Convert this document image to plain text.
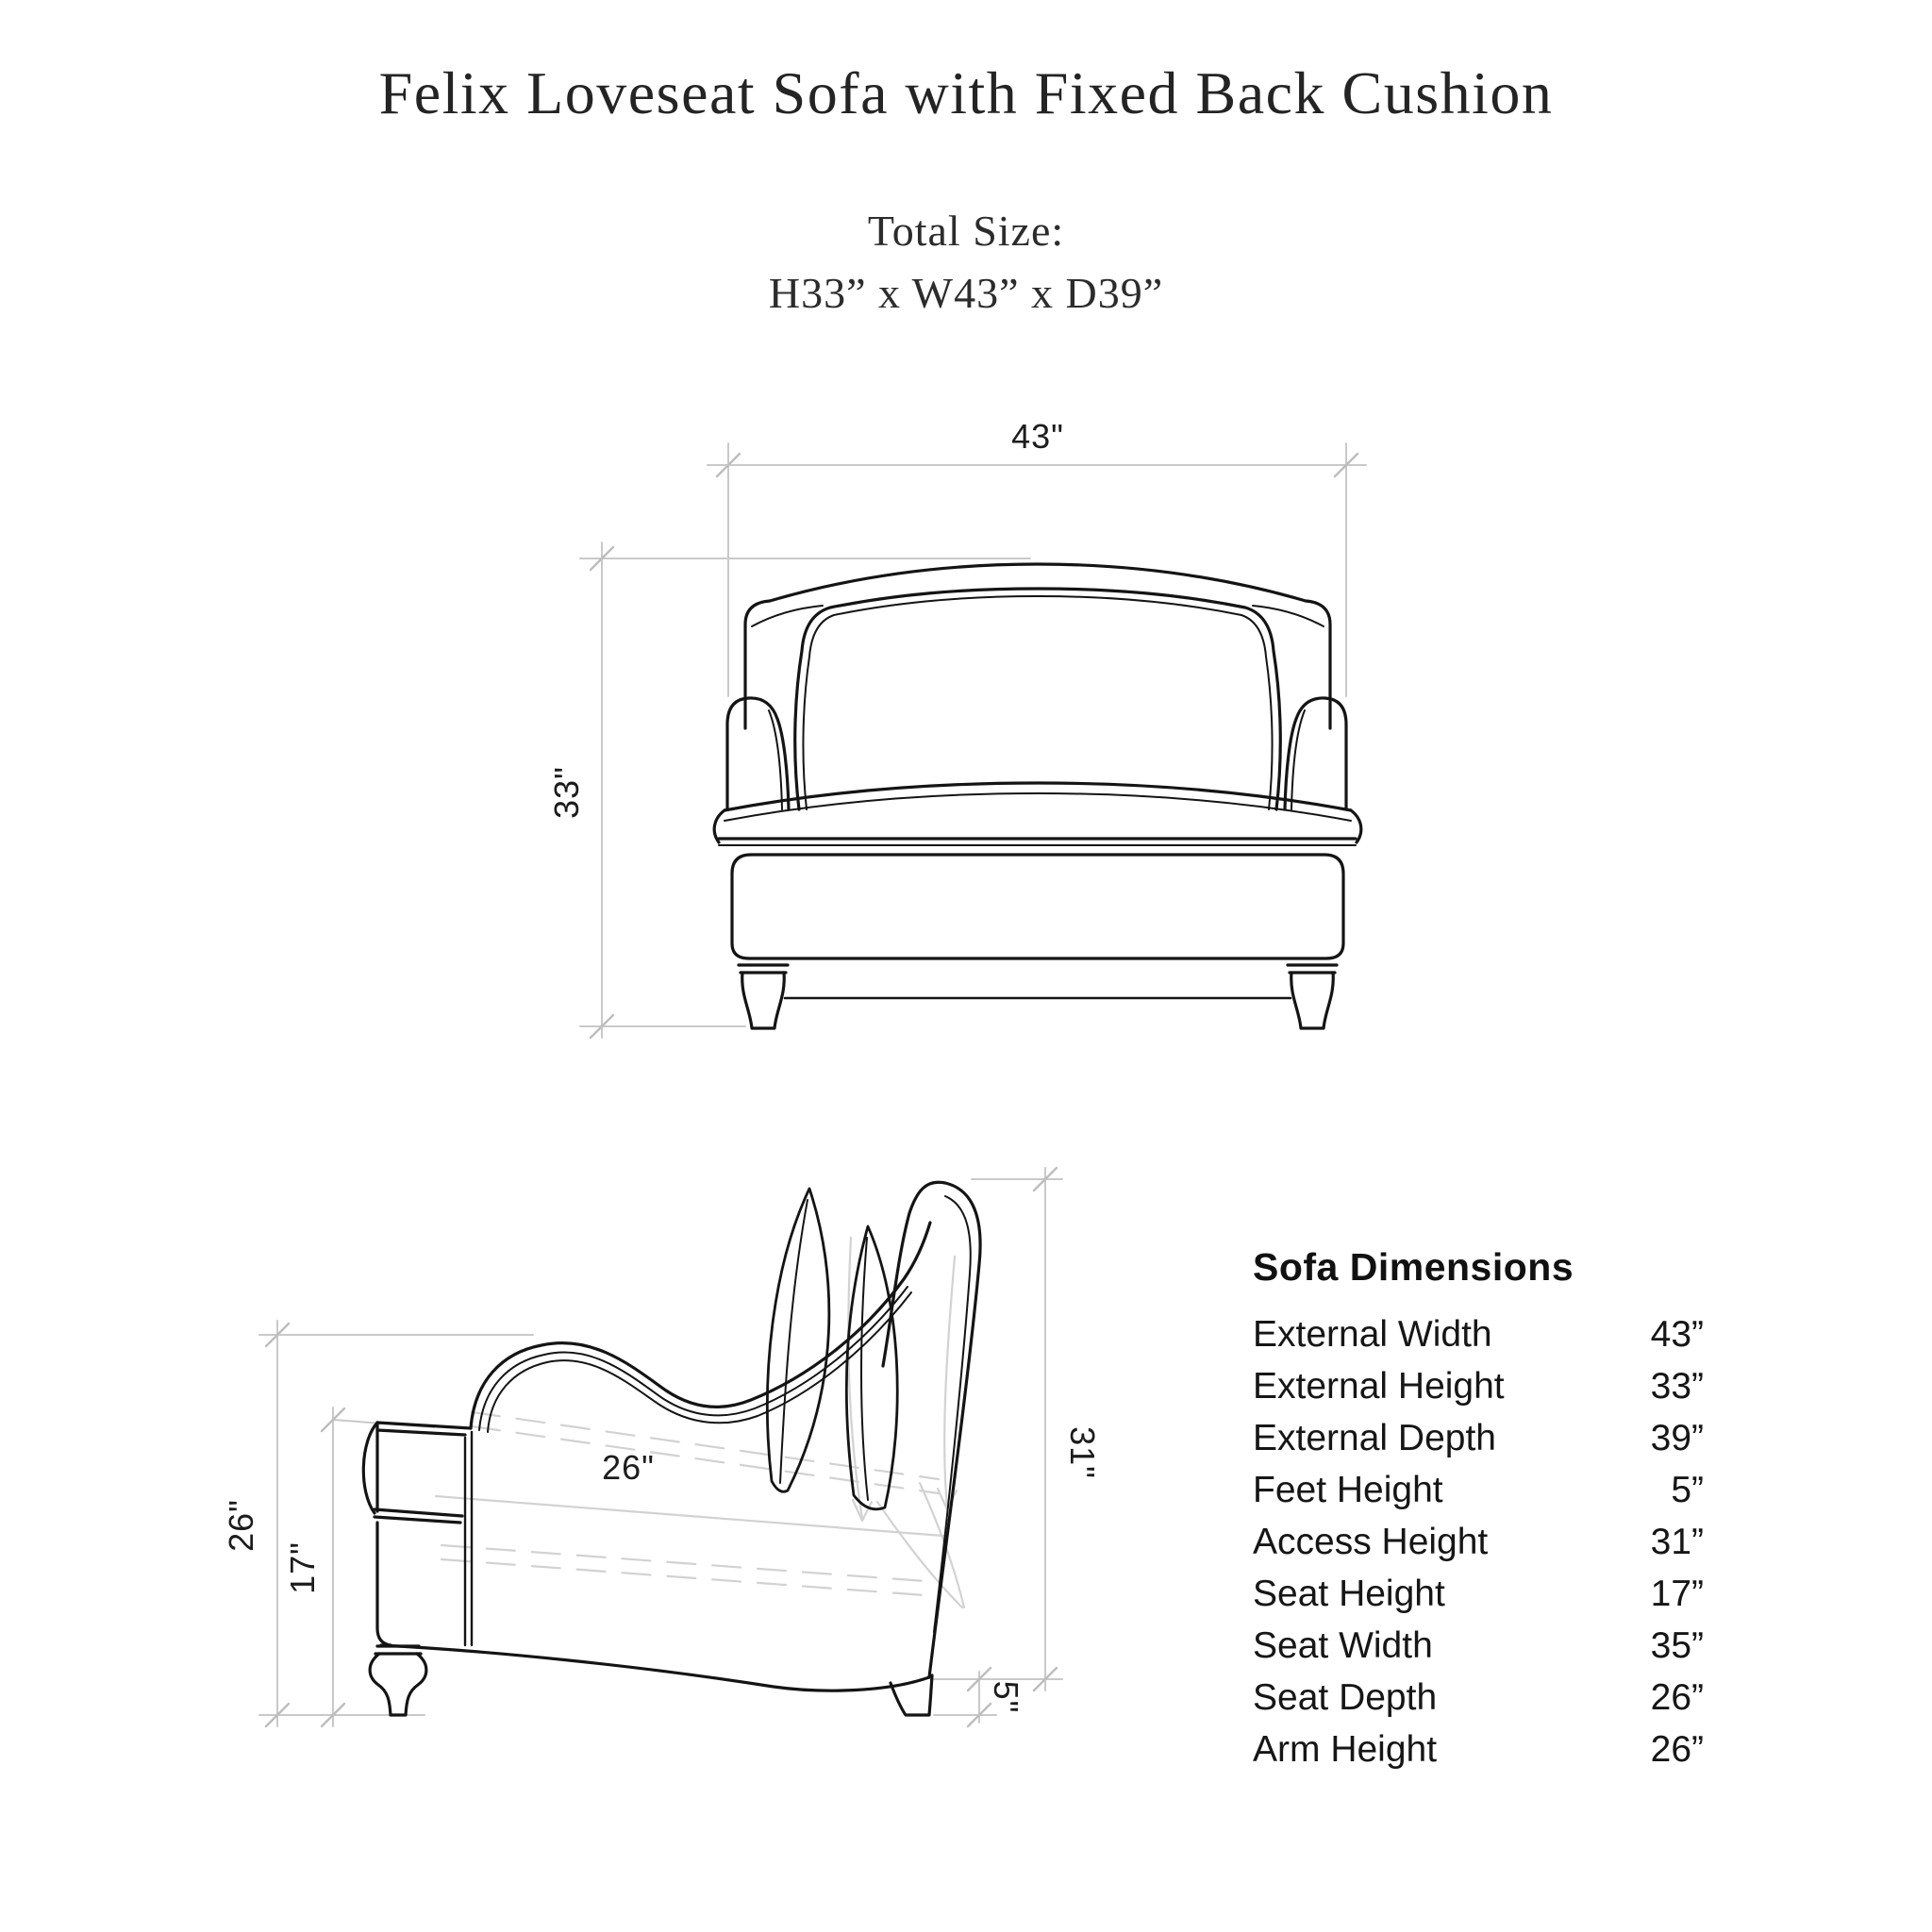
Felix Loveseat Sofa with Fixed Back Cushion
Total Size:
H33” x W43” x D39”
43"
33"
26"
17"
26"	31"
5"
Sofa Dimensions
External Width	43”
External Height	33”
External Depth	39”
Feet Height	5”
Access Height	31”
Seat Height	17”
Seat Width	35”
Seat Depth	26”
Arm Height	26”
